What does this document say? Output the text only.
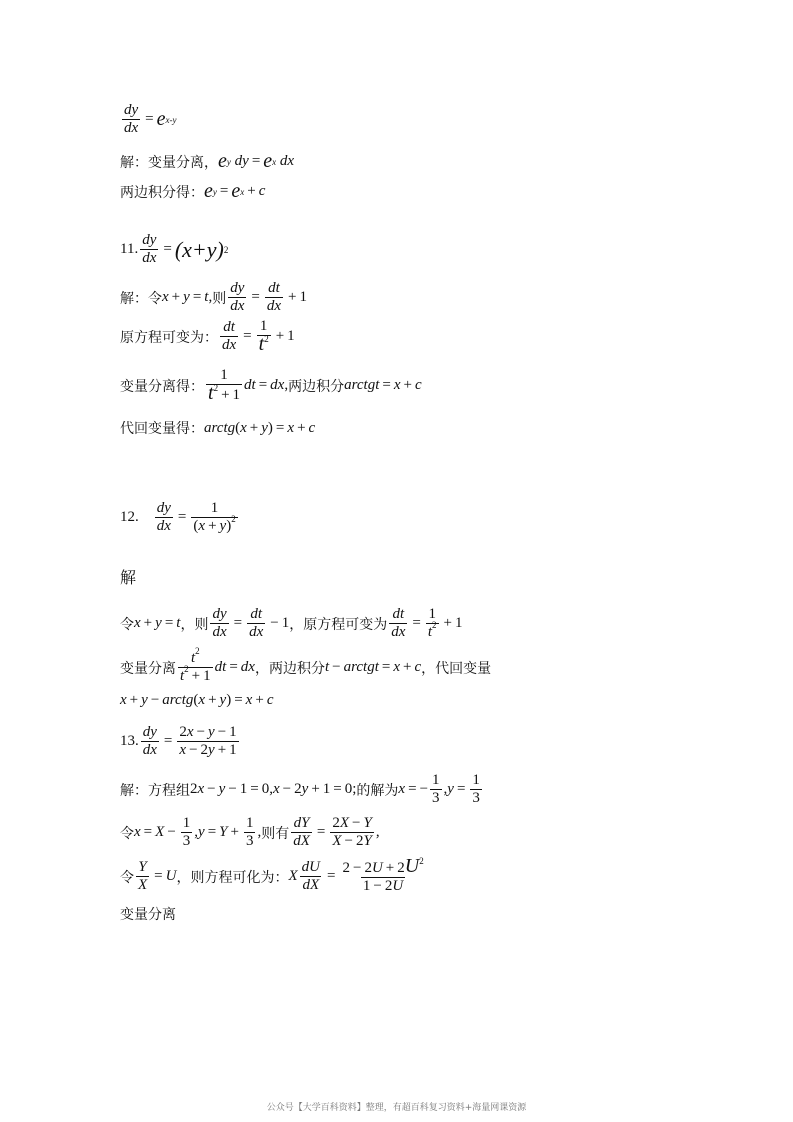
$\frac{dy}{dx} = e$ x-y
解：变量分离， e y dy = e x dx
两边积分得： e y = e x + c
11. $\frac{dy}{dx} = (x+y)$ 2
解：令 x + y = t , 则 $\frac{dy}{dx} = \frac{dt}{dx} + 1$
原方程可变为： $\frac{dt}{dx} = \frac{1}{t^2} + 1$
变量分离得： $\frac{1}{t^2 + 1}$ dt = dx , 两边积分 arctgt = x + c
代回变量得： arctg ( x + y ) = x + c
12. $\frac{dy}{dx} = \frac{1}{(x + y)^2}$
解
令 x + y = t ，则 $\frac{dy}{dx} = \frac{dt}{dx} - 1$ ，原方程可变为 $\frac{dt}{dx} = \frac{1}{t^2} + 1$
变量分离 $\frac{t^2}{t^2 + 1}$ dt = dx ，两边积分 t − arctgt = x + c ，代回变量
x + y − arctg ( x + y ) = x + c
13. $\frac{dy}{dx} = \frac{2x - y - 1}{x - 2y + 1}$
解：方程组 2 x − y − 1 = 0, x − 2 y + 1 = 0; 的解为 x = − $\frac{1}{3}$ , $y = \frac{1}{3}$
令 $x = X - \frac{1}{3}$ , $y = Y + \frac{1}{3}$ , 则有 $\frac{dY}{dX} = \frac{2X - Y}{X - 2Y}$ ,
令 $\frac{Y}{X} = U$ ，则方程可化为： X $\frac{dU}{dX} = \frac{2 - 2U + 2U^2}{1 - 2U}$
变量分离
公众号【大学百科资料】整理，有超百科复习资料+海量网课资源
